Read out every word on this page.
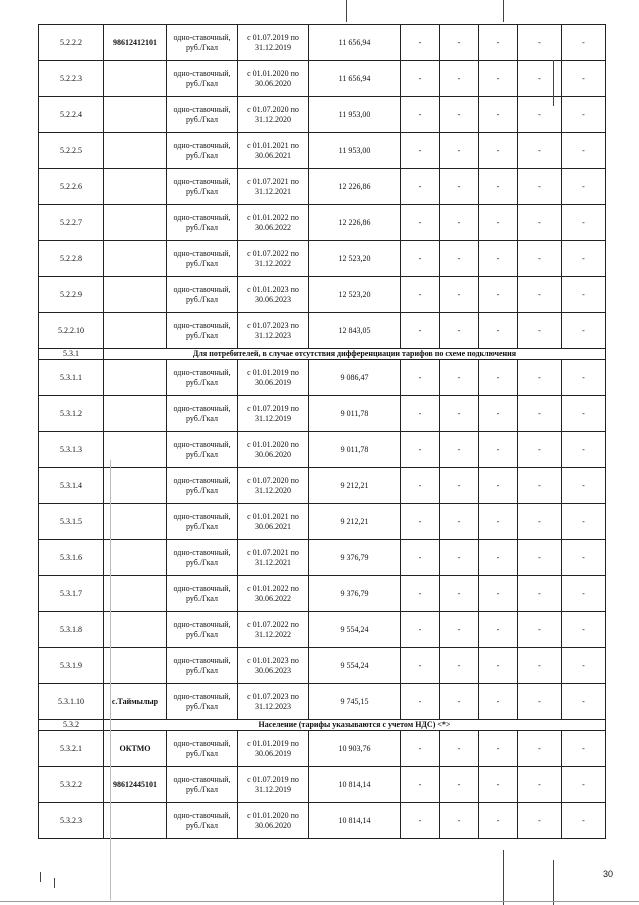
5.2.2.2	98612412101	одно-ставочный, руб./Гкал	с 01.07.2019 по 31.12.2019	11 656,94	-	-	-	-	-
5.2.2.3		одно-ставочный, руб./Гкал	с 01.01.2020 по 30.06.2020	11 656,94	-	-	-	-	-
5.2.2.4		одно-ставочный, руб./Гкал	с 01.07.2020 по 31.12.2020	11 953,00	-	-	-	-	-
5.2.2.5		одно-ставочный, руб./Гкал	с 01.01.2021 по 30.06.2021	11 953,00	-	-	-	-	-
5.2.2.6		одно-ставочный, руб./Гкал	с 01.07.2021 по 31.12.2021	12 226,86	-	-	-	-	-
5.2.2.7		одно-ставочный, руб./Гкал	с 01.01.2022 по 30.06.2022	12 226,86	-	-	-	-	-
5.2.2.8		одно-ставочный, руб./Гкал	с 01.07.2022 по 31.12.2022	12 523,20	-	-	-	-	-
5.2.2.9		одно-ставочный, руб./Гкал	с 01.01.2023 по 30.06.2023	12 523,20	-	-	-	-	-
5.2.2.10		одно-ставочный, руб./Гкал	с 01.07.2023 по 31.12.2023	12 843,05	-	-	-	-	-
5.3.1	Для потребителей, в случае отсутствия дифференциации тарифов по схеме подключения								
5.3.1.1		одно-ставочный, руб./Гкал	с 01.01.2019 по 30.06.2019	9 086,47	-	-	-	-	-
5.3.1.2		одно-ставочный, руб./Гкал	с 01.07.2019 по 31.12.2019	9 011,78	-	-	-	-	-
5.3.1.3		одно-ставочный, руб./Гкал	с 01.01.2020 по 30.06.2020	9 011,78	-	-	-	-	-
5.3.1.4		одно-ставочный, руб./Гкал	с 01.07.2020 по 31.12.2020	9 212,21	-	-	-	-	-
5.3.1.5		одно-ставочный, руб./Гкал	с 01.01.2021 по 30.06.2021	9 212,21	-	-	-	-	-
5.3.1.6		одно-ставочный, руб./Гкал	с 01.07.2021 по 31.12.2021	9 376,79	-	-	-	-	-
5.3.1.7		одно-ставочный, руб./Гкал	с 01.01.2022 по 30.06.2022	9 376,79	-	-	-	-	-
5.3.1.8		одно-ставочный, руб./Гкал	с 01.07.2022 по 31.12.2022	9 554,24	-	-	-	-	-
5.3.1.9		одно-ставочный, руб./Гкал	с 01.01.2023 по 30.06.2023	9 554,24	-	-	-	-	-
5.3.1.10	с.Таймылыр	одно-ставочный, руб./Гкал	с 01.07.2023 по 31.12.2023	9 745,15	-	-	-	-	-
5.3.2	Население (тарифы указываются с учетом НДС) <*>								
5.3.2.1	ОКТМО	одно-ставочный, руб./Гкал	с 01.01.2019 по 30.06.2019	10 903,76	-	-	-	-	-
5.3.2.2	98612445101	одно-ставочный, руб./Гкал	с 01.07.2019 по 31.12.2019	10 814,14	-	-	-	-	-
5.3.2.3		одно-ставочный, руб./Гкал	с 01.01.2020 по 30.06.2020	10 814,14	-	-	-	-	-
30
